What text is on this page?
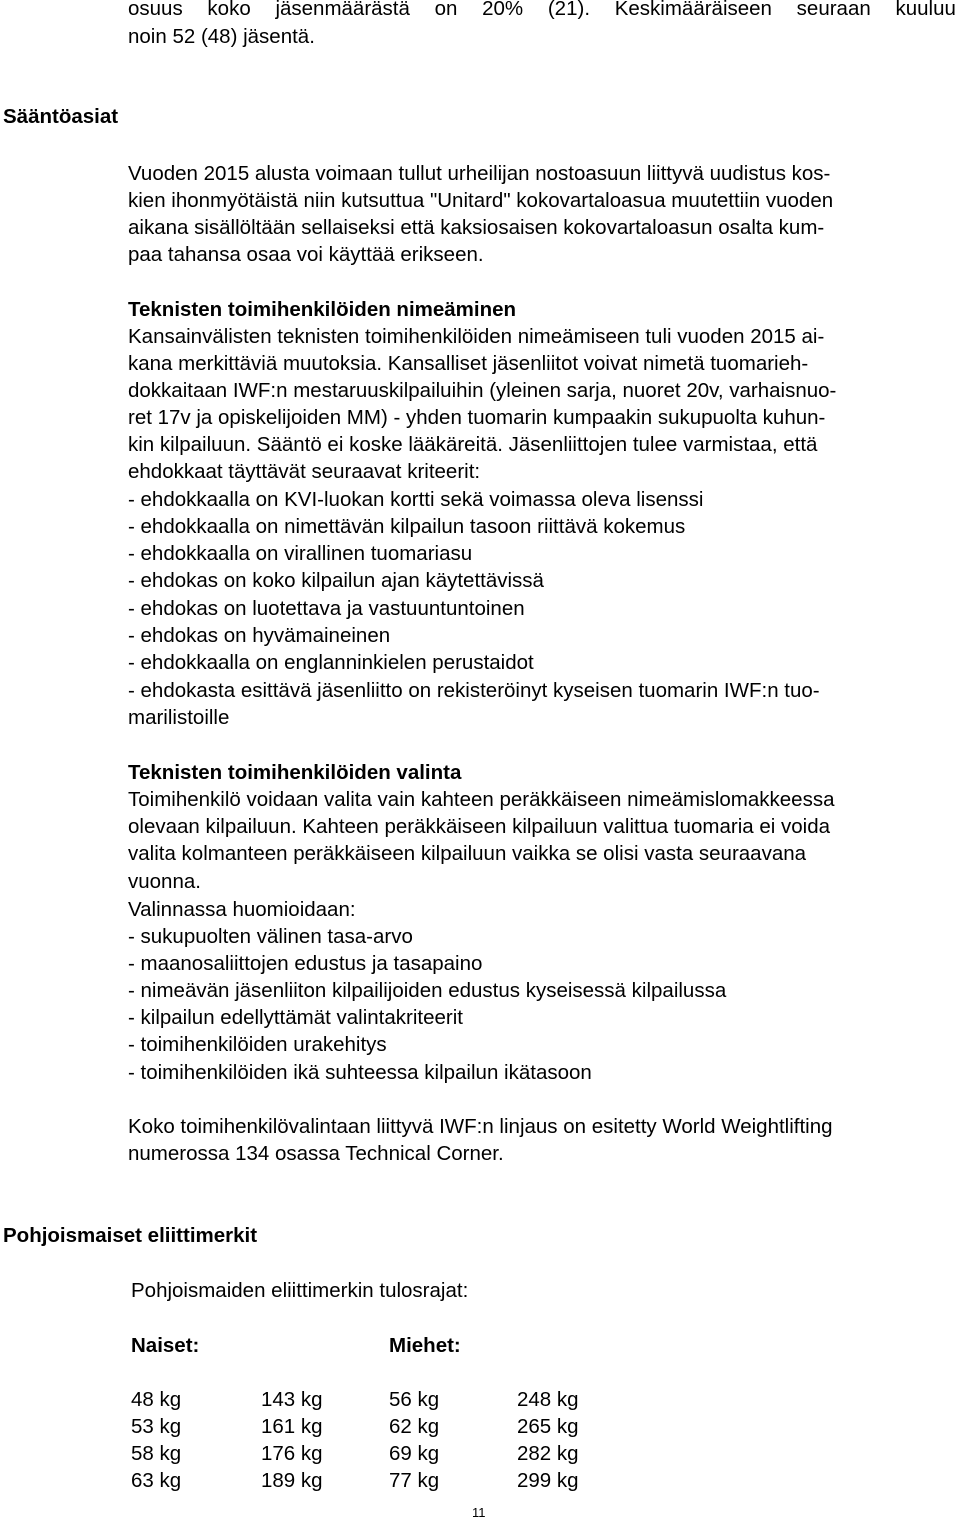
osuus koko jäsenmäärästä on 20% (21). Keskimääräiseen seuraan kuuluu
noin 52 (48) jäsentä.
Sääntöasiat
Vuoden 2015 alusta voimaan tullut urheilijan nostoasuun liittyvä uudistus kos-
kien ihonmyötäistä niin kutsuttua "Unitard" kokovartaloasua muutettiin vuoden
aikana sisällöltään sellaiseksi että kaksiosaisen kokovartaloasun osalta kum-
paa tahansa osaa voi käyttää erikseen.
Teknisten toimihenkilöiden nimeäminen
Kansainvälisten teknisten toimihenkilöiden nimeämiseen tuli vuoden 2015 ai-
kana merkittäviä muutoksia. Kansalliset jäsenliitot voivat nimetä tuomarieh-
dokkaitaan IWF:n mestaruuskilpailuihin (yleinen sarja, nuoret 20v, varhaisnuo-
ret 17v ja opiskelijoiden MM) - yhden tuomarin kumpaakin sukupuolta kuhun-
kin kilpailuun. Sääntö ei koske lääkäreitä. Jäsenliittojen tulee varmistaa, että
ehdokkaat täyttävät seuraavat kriteerit:
- ehdokkaalla on KVI-luokan kortti sekä voimassa oleva lisenssi
- ehdokkaalla on nimettävän kilpailun tasoon riittävä kokemus
- ehdokkaalla on virallinen tuomariasu
- ehdokas on koko kilpailun ajan käytettävissä
- ehdokas on luotettava ja vastuuntuntoinen
- ehdokas on hyvämaineinen
- ehdokkaalla on englanninkielen perustaidot
- ehdokasta esittävä jäsenliitto on rekisteröinyt kyseisen tuomarin IWF:n tuo-
marilistoille
Teknisten toimihenkilöiden valinta
Toimihenkilö voidaan valita vain kahteen peräkkäiseen nimeämislomakkeessa
olevaan kilpailuun. Kahteen peräkkäiseen kilpailuun valittua tuomaria ei voida
valita kolmanteen peräkkäiseen kilpailuun vaikka se olisi vasta seuraavana
vuonna.
Valinnassa huomioidaan:
- sukupuolten välinen tasa-arvo
- maanosaliittojen edustus ja tasapaino
- nimeävän jäsenliiton kilpailijoiden edustus kyseisessä kilpailussa
- kilpailun edellyttämät valintakriteerit
- toimihenkilöiden urakehitys
- toimihenkilöiden ikä suhteessa kilpailun ikätasoon
Koko toimihenkilövalintaan liittyvä IWF:n linjaus on esitetty World Weightlifting
numerossa 134 osassa Technical Corner.
Pohjoismaiset eliittimerkit
Pohjoismaiden eliittimerkin tulosrajat:
Naiset:	Miehet:
48 kg	143 kg	56 kg	248 kg
53 kg	161 kg	62 kg	265 kg
58 kg	176 kg	69 kg	282 kg
63 kg	189 kg	77 kg	299 kg
11
